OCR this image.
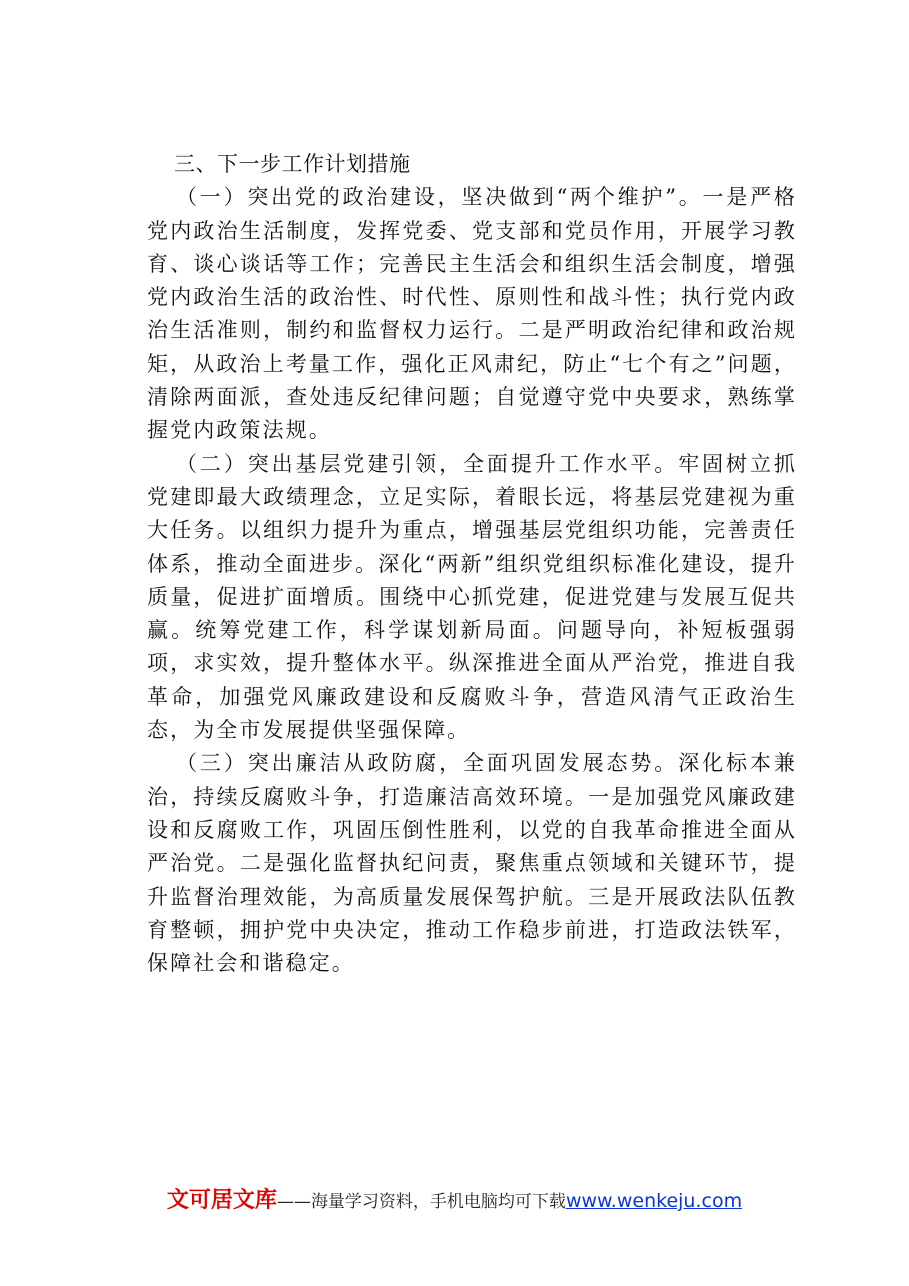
三、下一步工作计划措施

（一）突出党的政治建设，坚决做到“两个维护”。一是严格党内政治生活制度，发挥党委、党支部和党员作用，开展学习教育、谈心谈话等工作；完善民主生活会和组织生活会制度，增强党内政治生活的政治性、时代性、原则性和战斗性；执行党内政治生活准则，制约和监督权力运行。二是严明政治纪律和政治规矩，从政治上考量工作，强化正风肃纪，防止“七个有之”问题，清除两面派，查处违反纪律问题；自觉遵守党中央要求，熟练掌握党内政策法规。

（二）突出基层党建引领，全面提升工作水平。牢固树立抓党建即最大政绩理念，立足实际，着眼长远，将基层党建视为重大任务。以组织力提升为重点，增强基层党组织功能，完善责任体系，推动全面进步。深化“两新”组织党组织标准化建设，提升质量，促进扩面增质。围绕中心抓党建，促进党建与发展互促共赢。统筹党建工作，科学谋划新局面。问题导向，补短板强弱项，求实效，提升整体水平。纵深推进全面从严治党，推进自我革命，加强党风廉政建设和反腐败斗争，营造风清气正政治生态，为全市发展提供坚强保障。

（三）突出廉洁从政防腐，全面巩固发展态势。深化标本兼治，持续反腐败斗争，打造廉洁高效环境。一是加强党风廉政建设和反腐败工作，巩固压倒性胜利，以党的自我革命推进全面从严治党。二是强化监督执纪问责，聚焦重点领域和关键环节，提升监督治理效能，为高质量发展保驾护航。三是开展政法队伍教育整顿，拥护党中央决定，推动工作稳步前进，打造政法铁军，保障社会和谐稳定。

文可居文库——海量学习资料，手机电脑均可下载www.wenkeju.com
